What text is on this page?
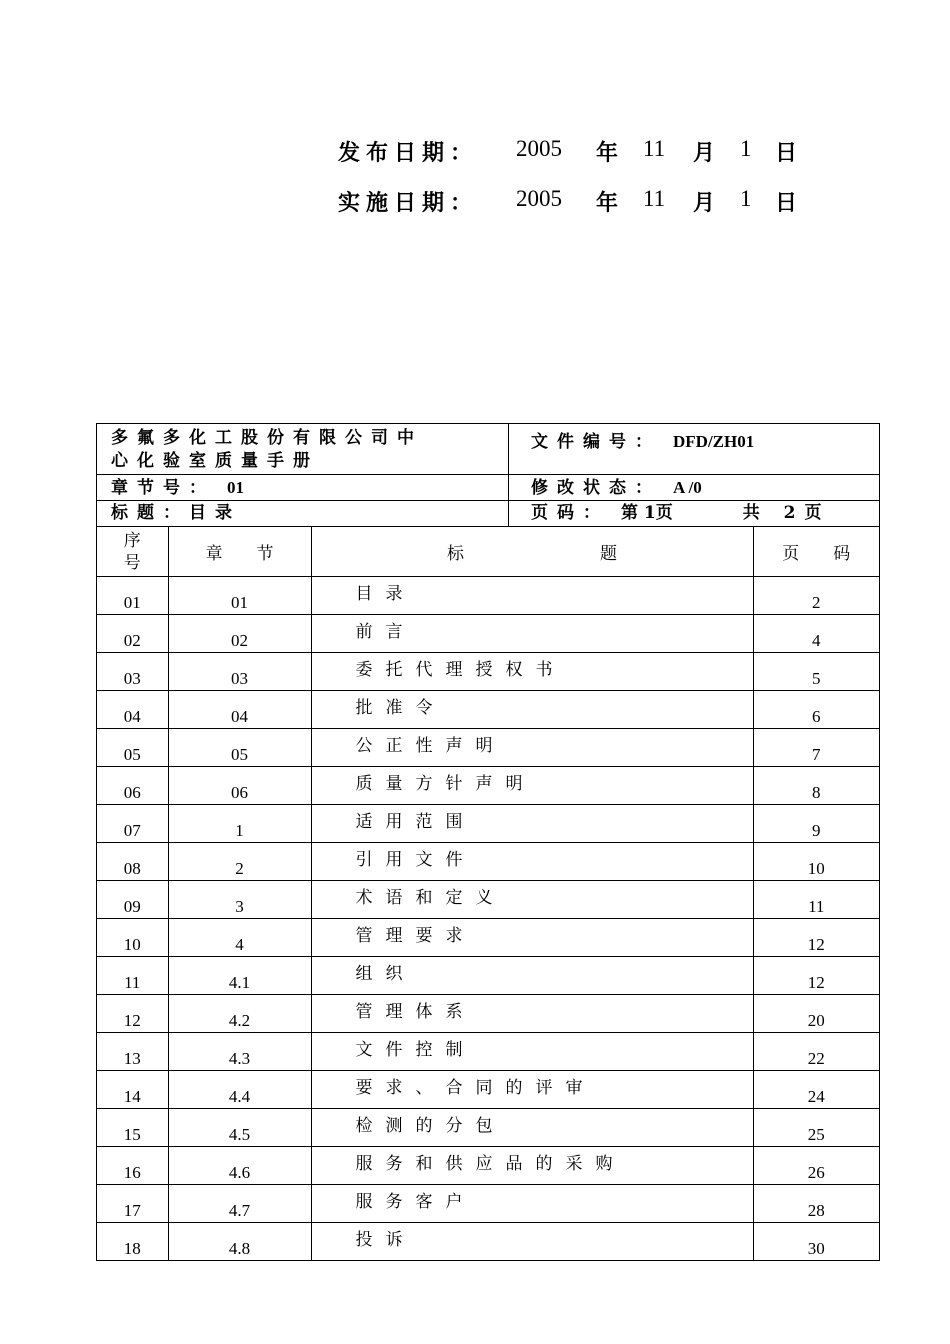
发布日期： 2005 年 11 月 1 日
实施日期： 2005 年 11 月 1 日
多氟多化工股份有限公司中
心化验室质量手册
文件编号： DFD/ZH01
章节号： 01	修改状态： A /0
标题：目录	页码： 第 1页	共 2页
序
号	章　　节	标　　　　　　　　题	页　　码
01	01	目录	2
02	02	前言	4
03	03	委托代理授权书	5
04	04	批准令	6
05	05	公正性声明	7
06	06	质量方针声明	8
07	1	适用范围	9
08	2	引用文件	10
09	3	术语和定义	11
10	4	管理要求	12
11	4.1	组织	12
12	4.2	管理体系	20
13	4.3	文件控制	22
14	4.4	要求、合同的评审	24
15	4.5	检测的分包	25
16	4.6	服务和供应品的采购	26
17	4.7	服务客户	28
18	4.8	投诉	30
